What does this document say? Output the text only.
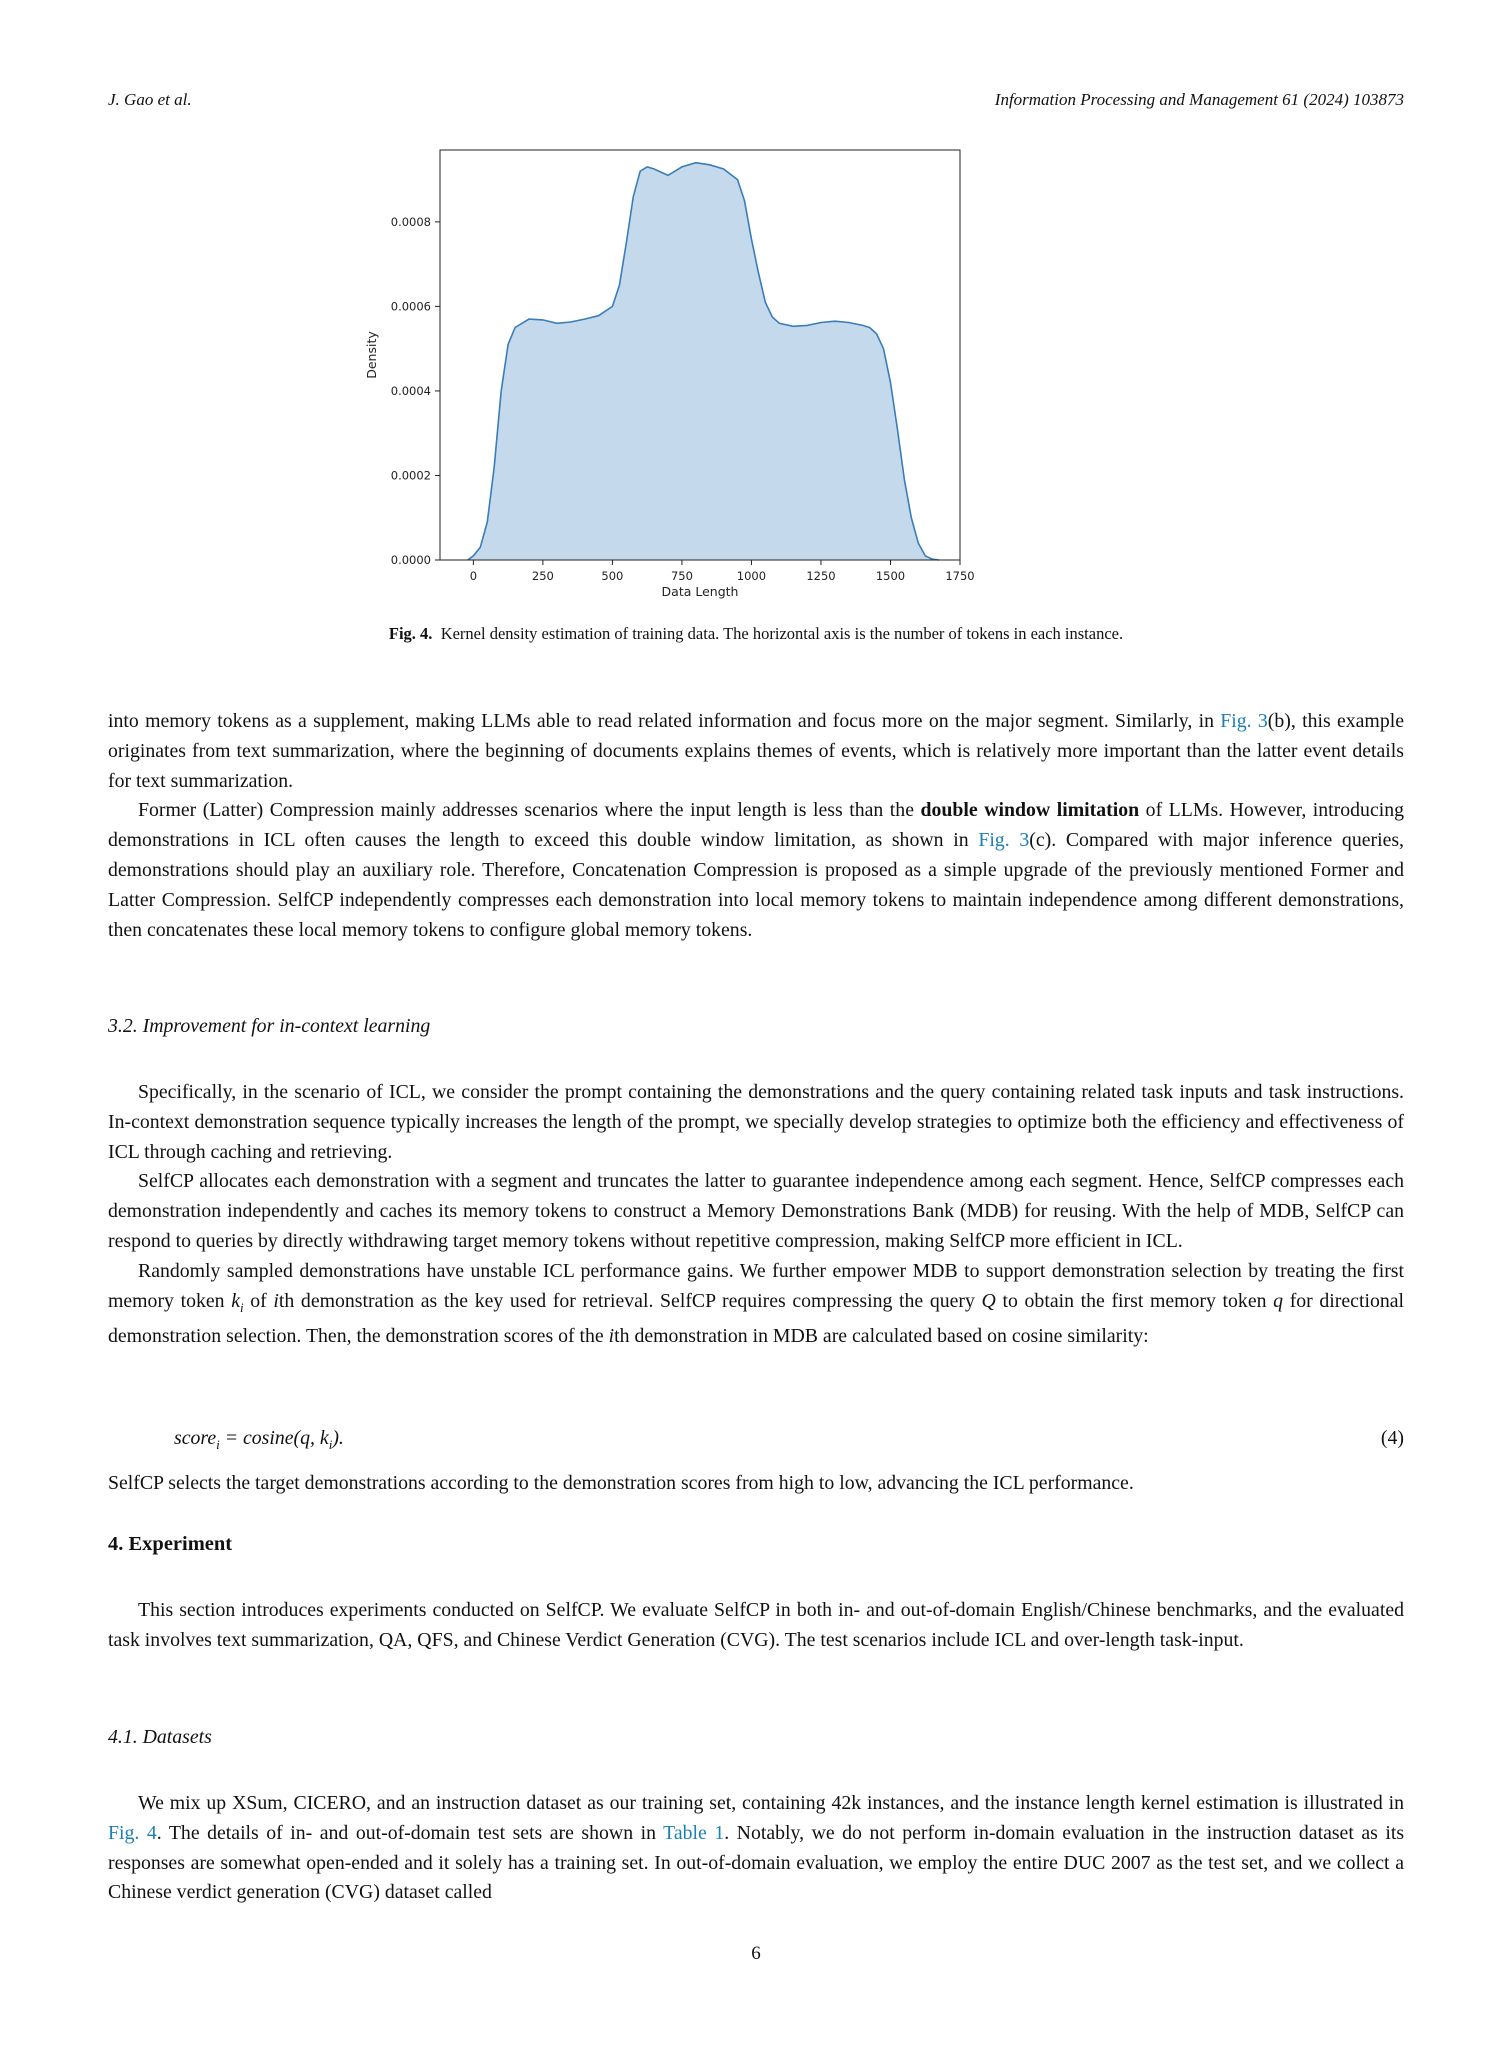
J. Gao et al.	Information Processing and Management 61 (2024) 103873
0	250	500	750	1000	1250	1500	1750
0.0000
0.0002
0.0004
0.0006
0.0008
Data Length
Density
Fig. 4. Kernel density estimation of training data. The horizontal axis is the number of tokens in each instance.

into memory tokens as a supplement, making LLMs able to read related information and focus more on the major segment. Similarly, in Fig. 3(b), this example originates from text summarization, where the beginning of documents explains themes of events, which is relatively more important than the latter event details for text summarization.

Former (Latter) Compression mainly addresses scenarios where the input length is less than the double window limitation of LLMs. However, introducing demonstrations in ICL often causes the length to exceed this double window limitation, as shown in Fig. 3(c). Compared with major inference queries, demonstrations should play an auxiliary role. Therefore, Concatenation Compression is proposed as a simple upgrade of the previously mentioned Former and Latter Compression. SelfCP independently compresses each demonstration into local memory tokens to maintain independence among different demonstrations, then concatenates these local memory tokens to configure global memory tokens.

3.2. Improvement for in-context learning

Specifically, in the scenario of ICL, we consider the prompt containing the demonstrations and the query containing related task inputs and task instructions. In-context demonstration sequence typically increases the length of the prompt, we specially develop strategies to optimize both the efficiency and effectiveness of ICL through caching and retrieving.

SelfCP allocates each demonstration with a segment and truncates the latter to guarantee independence among each segment. Hence, SelfCP compresses each demonstration independently and caches its memory tokens to construct a Memory Demonstrations Bank (MDB) for reusing. With the help of MDB, SelfCP can respond to queries by directly withdrawing target memory tokens without repetitive compression, making SelfCP more efficient in ICL.

Randomly sampled demonstrations have unstable ICL performance gains. We further empower MDB to support demonstration selection by treating the first memory token $k_i$ of ith demonstration as the key used for retrieval. SelfCP requires compressing the query Q to obtain the first memory token q for directional demonstration selection. Then, the demonstration scores of the ith demonstration in MDB are calculated based on cosine similarity:

score$_i$ = cosine(q, $k_i$).	(4)

SelfCP selects the target demonstrations according to the demonstration scores from high to low, advancing the ICL performance.

4. Experiment

This section introduces experiments conducted on SelfCP. We evaluate SelfCP in both in- and out-of-domain English/Chinese benchmarks, and the evaluated task involves text summarization, QA, QFS, and Chinese Verdict Generation (CVG). The test scenarios include ICL and over-length task-input.

4.1. Datasets

We mix up XSum, CICERO, and an instruction dataset as our training set, containing 42k instances, and the instance length kernel estimation is illustrated in Fig. 4. The details of in- and out-of-domain test sets are shown in Table 1. Notably, we do not perform in-domain evaluation in the instruction dataset as its responses are somewhat open-ended and it solely has a training set. In out-of-domain evaluation, we employ the entire DUC 2007 as the test set, and we collect a Chinese verdict generation (CVG) dataset called

6
